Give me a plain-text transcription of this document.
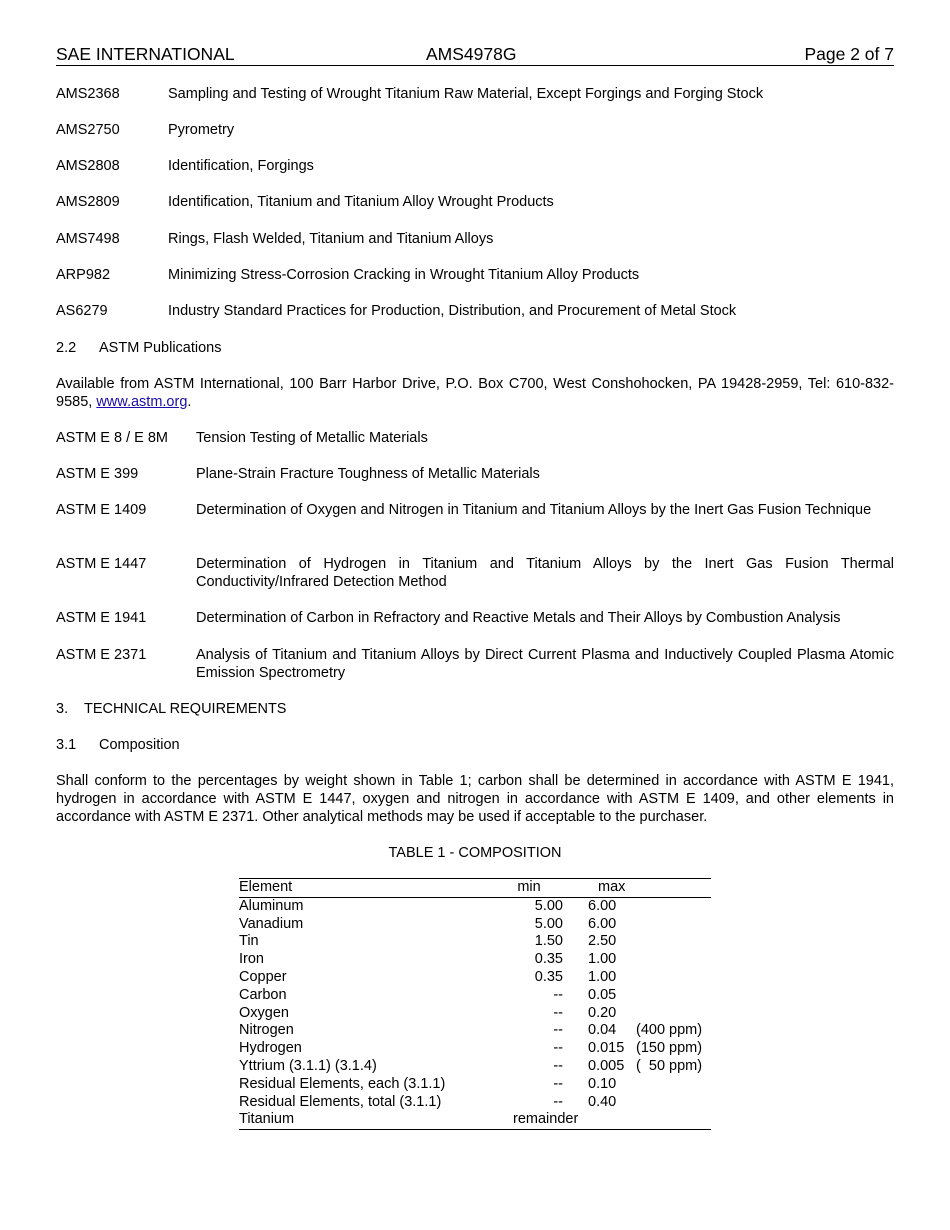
SAE INTERNATIONAL	AMS4978G	Page 2 of 7
AMS2368	Sampling and Testing of Wrought Titanium Raw Material, Except Forgings and Forging Stock
AMS2750	Pyrometry
AMS2808	Identification, Forgings
AMS2809	Identification, Titanium and Titanium Alloy Wrought Products
AMS7498	Rings, Flash Welded, Titanium and Titanium Alloys
ARP982	Minimizing Stress-Corrosion Cracking in Wrought Titanium Alloy Products
AS6279	Industry Standard Practices for Production, Distribution, and Procurement of Metal Stock
2.2 ASTM Publications
Available from ASTM International, 100 Barr Harbor Drive, P.O. Box C700, West Conshohocken, PA 19428-2959, Tel: 610-832-9585, www.astm.org.
ASTM E 8 / E 8M Tension Testing of Metallic Materials
ASTM E 399	Plane-Strain Fracture Toughness of Metallic Materials
ASTM E 1409	Determination of Oxygen and Nitrogen in Titanium and Titanium Alloys by the Inert Gas Fusion Technique
ASTM E 1447	Determination of Hydrogen in Titanium and Titanium Alloys by the Inert Gas Fusion Thermal Conductivity/Infrared Detection Method
ASTM E 1941	Determination of Carbon in Refractory and Reactive Metals and Their Alloys by Combustion Analysis
ASTM E 2371	Analysis of Titanium and Titanium Alloys by Direct Current Plasma and Inductively Coupled Plasma Atomic Emission Spectrometry
3. TECHNICAL REQUIREMENTS
3.1 Composition
Shall conform to the percentages by weight shown in Table 1; carbon shall be determined in accordance with ASTM E 1941, hydrogen in accordance with ASTM E 1447, oxygen and nitrogen in accordance with ASTM E 1409, and other elements in accordance with ASTM E 2371. Other analytical methods may be used if acceptable to the purchaser.
TABLE 1 - COMPOSITION
Element	min	max
Aluminum	5.00 6.00
Vanadium	5.00 6.00
Tin	1.50 2.50
Iron	0.35 1.00
Copper	0.35 1.00
Carbon	-- 0.05
Oxygen	-- 0.20
Nitrogen	-- 0.04 (400 ppm)
Hydrogen	-- 0.015 (150 ppm)
Yttrium (3.1.1) (3.1.4)	-- 0.005 (  50 ppm)
Residual Elements, each (3.1.1)	-- 0.10
Residual Elements, total (3.1.1)	-- 0.40
Titanium	remainder
